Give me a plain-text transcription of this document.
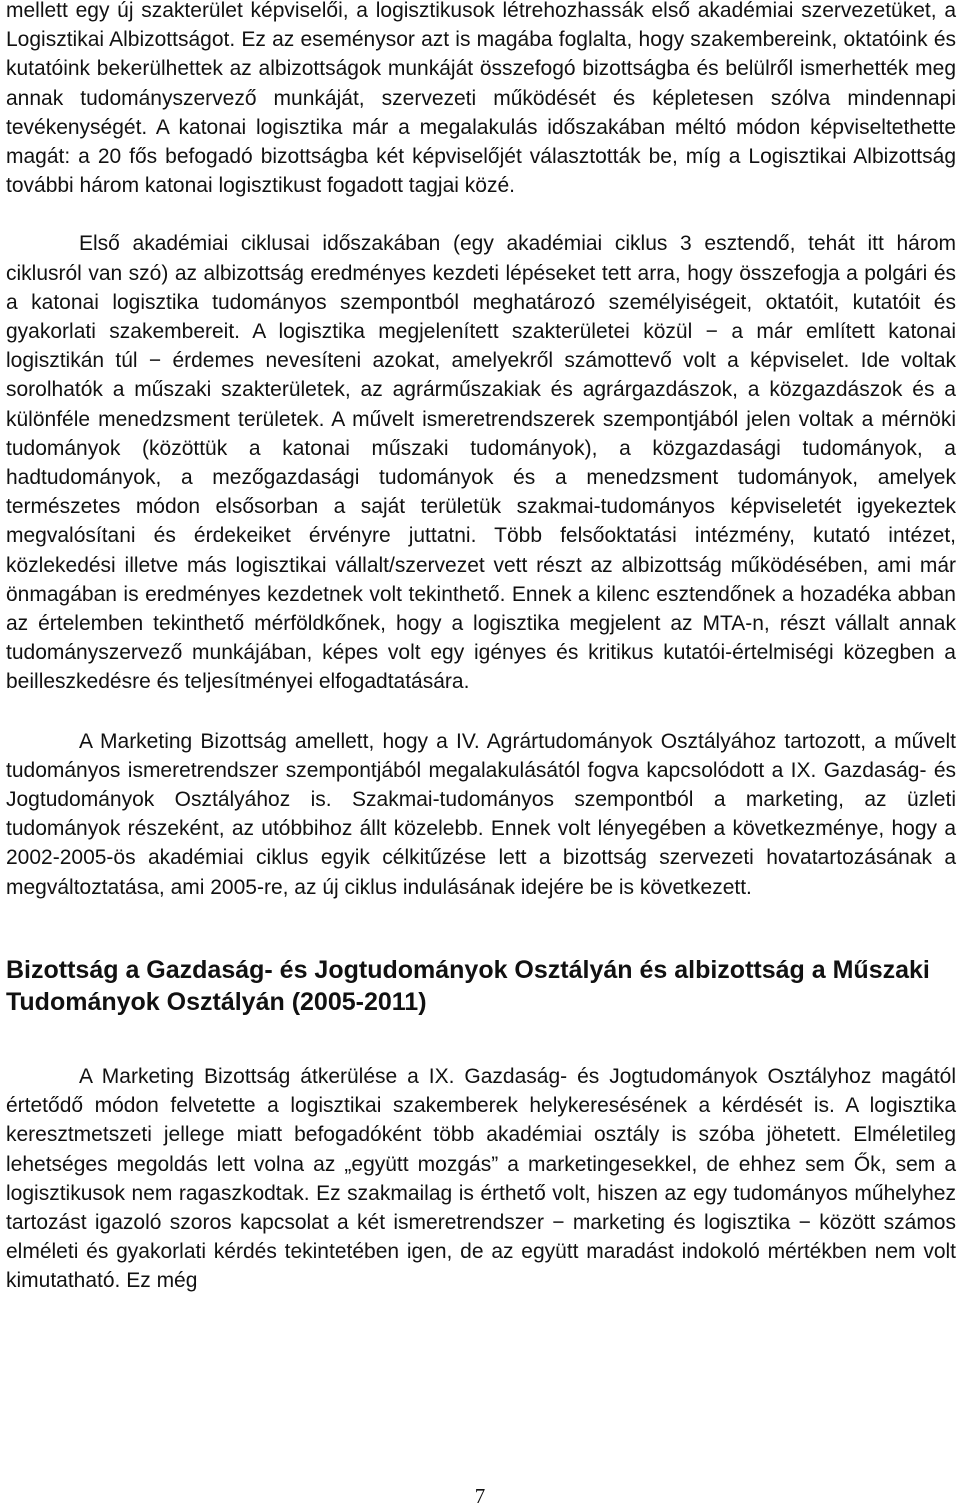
mellett egy új szakterület képviselői, a logisztikusok létrehozhassák első akadémiai szervezetüket, a Logisztikai Albizottságot. Ez az eseménysor azt is magába foglalta, hogy szakembereink, oktatóink és kutatóink bekerülhettek az albizottságok munkáját összefogó bizottságba és belülről ismerhették meg annak tudományszervező munkáját, szervezeti működését és képletesen szólva mindennapi tevékenységét. A katonai logisztika már a megalakulás időszakában méltó módon képviseltethette magát: a 20 fős befogadó bizottságba két képviselőjét választották be, míg a Logisztikai Albizottság további három katonai logisztikust fogadott tagjai közé.

Első akadémiai ciklusai időszakában (egy akadémiai ciklus 3 esztendő, tehát itt három ciklusról van szó) az albizottság eredményes kezdeti lépéseket tett arra, hogy összefogja a polgári és a katonai logisztika tudományos szempontból meghatározó személyiségeit, oktatóit, kutatóit és gyakorlati szakembereit. A logisztika megjelenített szakterületei közül − a már említett katonai logisztikán túl − érdemes nevesíteni azokat, amelyekről számottevő volt a képviselet. Ide voltak sorolhatók a műszaki szakterületek, az agrárműszakiak és agrárgazdászok, a közgazdászok és a különféle menedzsment területek. A művelt ismeretrendszerek szempontjából jelen voltak a mérnöki tudományok (közöttük a katonai műszaki tudományok), a közgazdasági tudományok, a hadtudományok, a mezőgazdasági tudományok és a menedzsment tudományok, amelyek természetes módon elsősorban a saját területük szakmai-tudományos képviseletét igyekeztek megvalósítani és érdekeiket érvényre juttatni. Több felsőoktatási intézmény, kutató intézet, közlekedési illetve más logisztikai vállalt/szervezet vett részt az albizottság működésében, ami már önmagában is eredményes kezdetnek volt tekinthető. Ennek a kilenc esztendőnek a hozadéka abban az értelemben tekinthető mérföldkőnek, hogy a logisztika megjelent az MTA-n, részt vállalt annak tudományszervező munkájában, képes volt egy igényes és kritikus kutatói-értelmiségi közegben a beilleszkedésre és teljesítményei elfogadtatására.

A Marketing Bizottság amellett, hogy a IV. Agrártudományok Osztályához tartozott, a művelt tudományos ismeretrendszer szempontjából megalakulásától fogva kapcsolódott a IX. Gazdaság- és Jogtudományok Osztályához is. Szakmai-tudományos szempontból a marketing, az üzleti tudományok részeként, az utóbbihoz állt közelebb. Ennek volt lényegében a következménye, hogy a 2002-2005-ös akadémiai ciklus egyik célkitűzése lett a bizottság szervezeti hovatartozásának a megváltoztatása, ami 2005-re, az új ciklus indulásának idejére be is következett.

Bizottság a Gazdaság- és Jogtudományok Osztályán és albizottság a Műszaki Tudományok Osztályán (2005-2011)

A Marketing Bizottság átkerülése a IX. Gazdaság- és Jogtudományok Osztályhoz magától értetődő módon felvetette a logisztikai szakemberek helykeresésének a kérdését is. A logisztika keresztmetszeti jellege miatt befogadóként több akadémiai osztály is szóba jöhetett. Elméletileg lehetséges megoldás lett volna az „együtt mozgás” a marketingesekkel, de ehhez sem Ők, sem a logisztikusok nem ragaszkodtak. Ez szakmailag is érthető volt, hiszen az egy tudományos műhelyhez tartozást igazoló szoros kapcsolat a két ismeretrendszer − marketing és logisztika − között számos elméleti és gyakorlati kérdés tekintetében igen, de az együtt maradást indokoló mértékben nem volt kimutatható. Ez még

7
